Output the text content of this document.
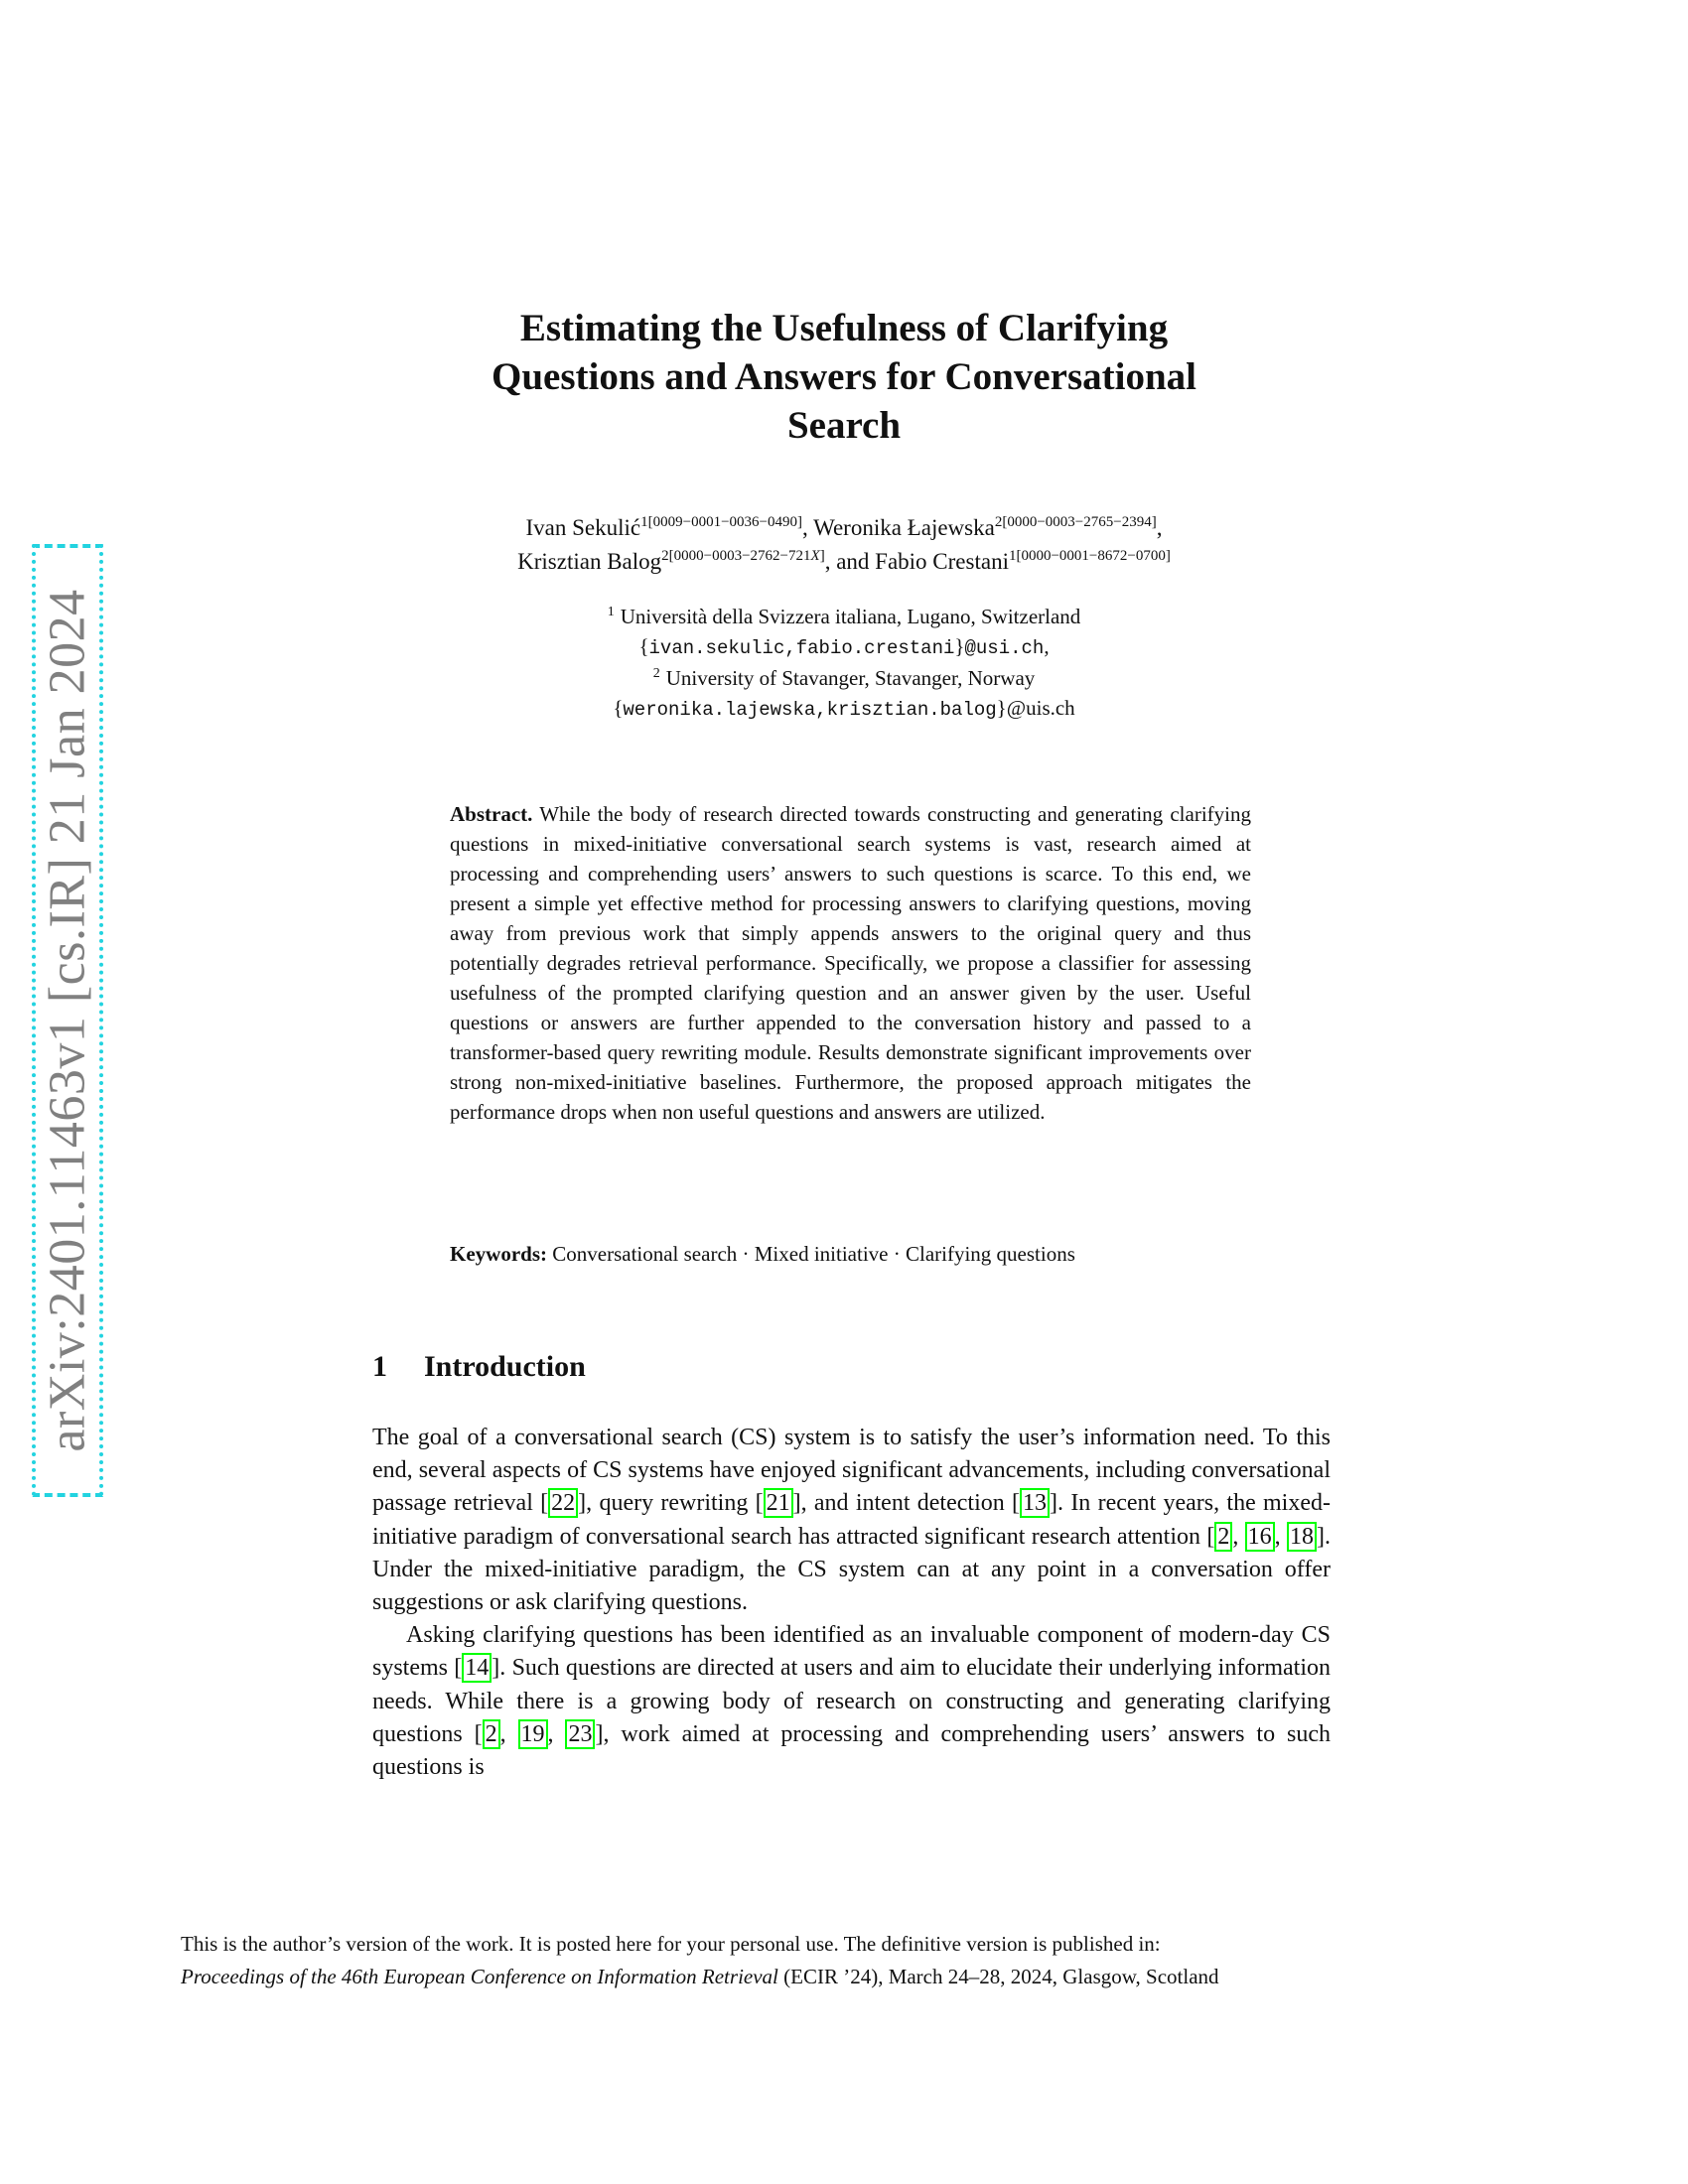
arXiv:2401.11463v1 [cs.IR] 21 Jan 2024
Estimating the Usefulness of Clarifying
Questions and Answers for Conversational
Search
Ivan Sekulić$^{1[0009-0001-0036-0490]}$, Weronika Łajewska$^{2[0000-0003-2765-2394]}$,
Krisztian Balog$^{2[0000-0003-2762-721X]}$, and Fabio Crestani$^{1[0000-0001-8672-0700]}$
$^1$ Università della Svizzera italiana, Lugano, Switzerland
{ivan.sekulic,fabio.crestani}@usi.ch,
$^2$ University of Stavanger, Stavanger, Norway
{weronika.lajewska,krisztian.balog}@uis.ch
Abstract. While the body of research directed towards constructing and generating clarifying questions in mixed-initiative conversational search systems is vast, research aimed at processing and comprehending users’ answers to such questions is scarce. To this end, we present a simple yet effective method for processing answers to clarifying questions, moving away from previous work that simply appends answers to the original query and thus potentially degrades retrieval performance. Specifically, we propose a classifier for assessing usefulness of the prompted clarifying question and an answer given by the user. Useful questions or answers are further appended to the conversation history and passed to a transformer-based query rewriting module. Results demonstrate significant improvements over strong non-mixed-initiative baselines. Furthermore, the proposed approach mitigates the performance drops when non useful questions and answers are utilized.
Keywords: Conversational search · Mixed initiative · Clarifying questions
1 Introduction

The goal of a conversational search (CS) system is to satisfy the user’s information need. To this end, several aspects of CS systems have enjoyed significant advancements, including conversational passage retrieval [ 22 ], query rewriting [ 21 ], and intent detection [ 13 ]. In recent years, the mixed-initiative paradigm of conversational search has attracted significant research attention [ 2 , 16 , 18 ]. Under the mixed-initiative paradigm, the CS system can at any point in a conversation offer suggestions or ask clarifying questions.

Asking clarifying questions has been identified as an invaluable component of modern-day CS systems [ 14 ]. Such questions are directed at users and aim to elucidate their underlying information needs. While there is a growing body of research on constructing and generating clarifying questions [ 2 , 19 , 23 ], work aimed at processing and comprehending users’ answers to such questions is

This is the author’s version of the work. It is posted here for your personal use. The definitive version is published in:
Proceedings of the 46th European Conference on Information Retrieval (ECIR ’24), March 24–28, 2024, Glasgow, Scotland
